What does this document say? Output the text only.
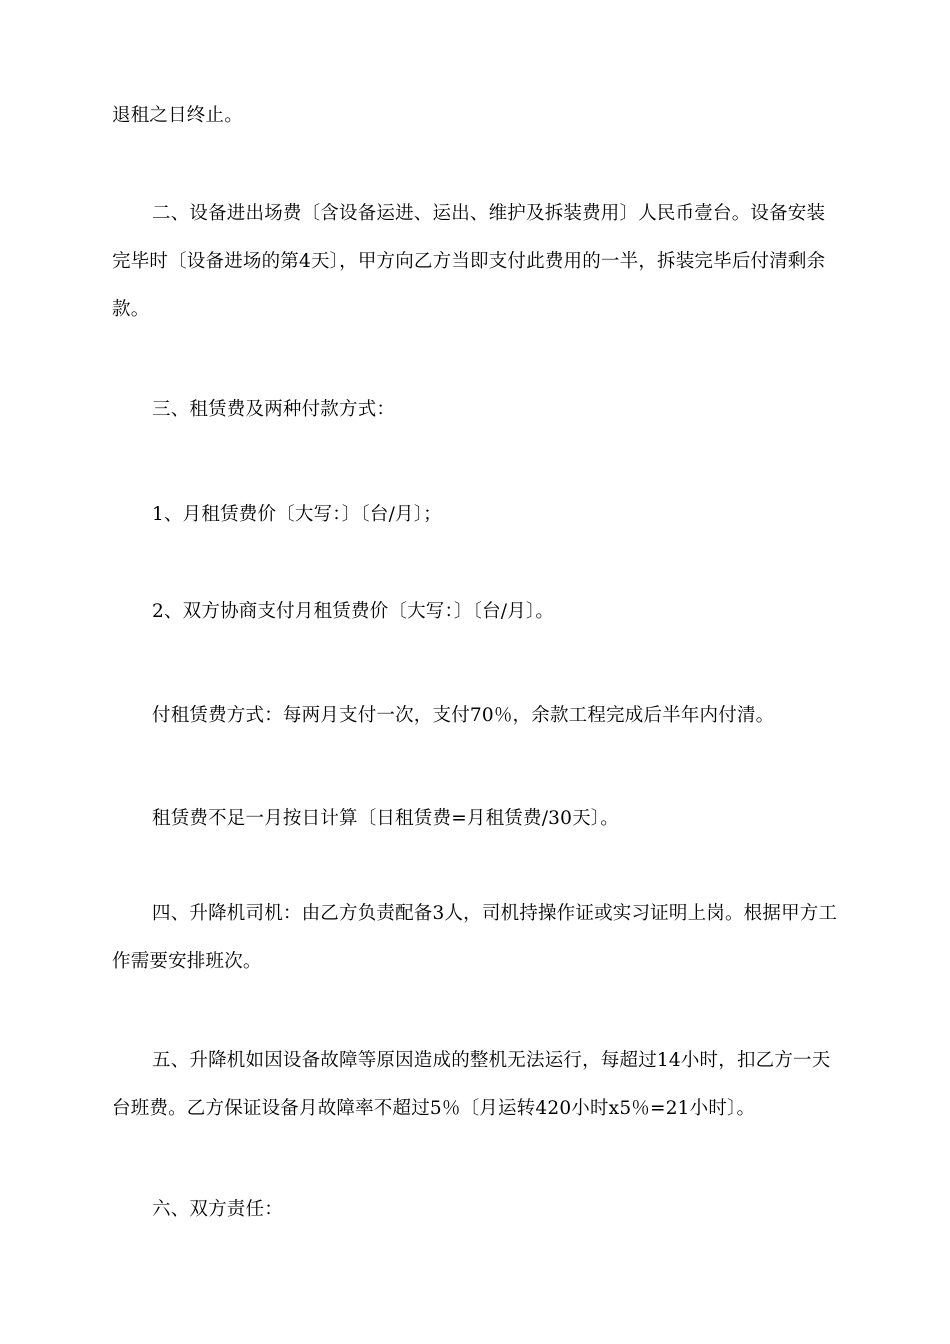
退租之日终止。

二、设备进出场费〔含设备运进、运出、维护及拆装费用〕人民币壹台。设备安装完毕时〔设备进场的第4天〕，甲方向乙方当即支付此费用的一半，拆装完毕后付清剩余款。

三、租赁费及两种付款方式：

1、月租赁费价〔大写：〕〔台/月〕；

2、双方协商支付月租赁费价〔大写：〕〔台/月〕。

付租赁费方式：每两月支付一次，支付70％，余款工程完成后半年内付清。

租赁费不足一月按日计算〔日租赁费=月租赁费/30天〕。

四、升降机司机：由乙方负责配备3人，司机持操作证或实习证明上岗。根据甲方工作需要安排班次。

五、升降机如因设备故障等原因造成的整机无法运行，每超过14小时，扣乙方一天台班费。乙方保证设备月故障率不超过5％〔月运转420小时x5％=21小时〕。

六、双方责任：
